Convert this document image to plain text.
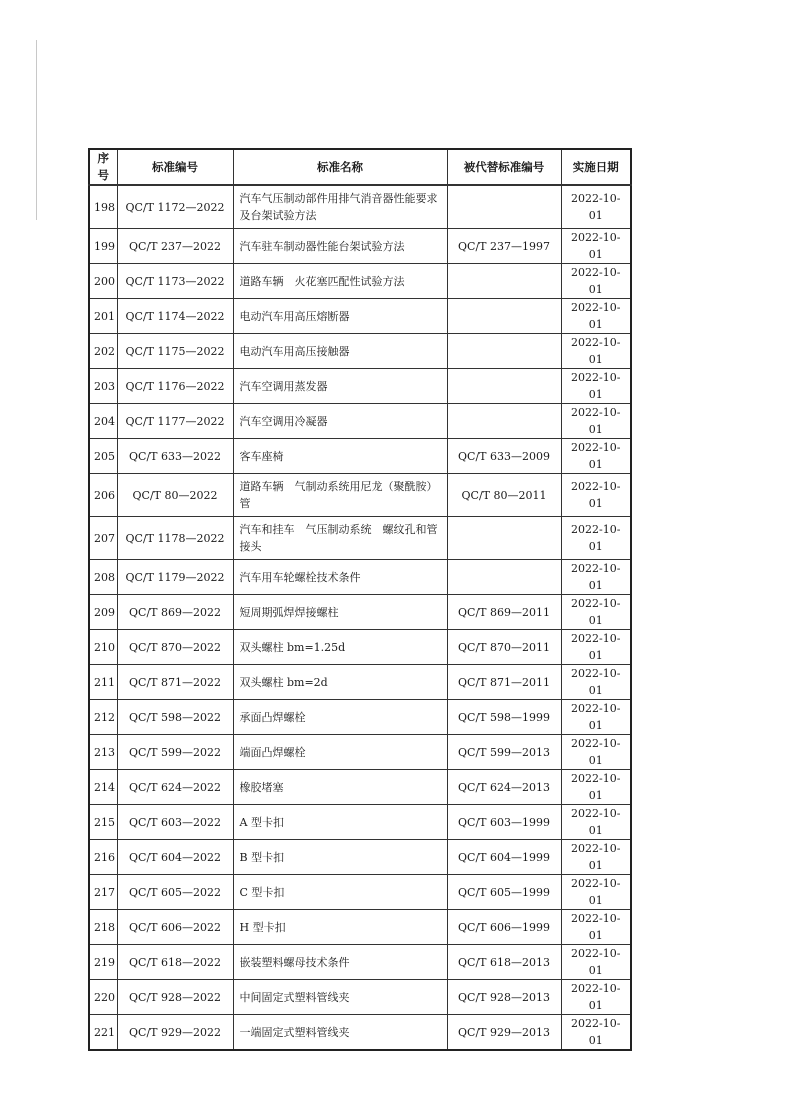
序号	标准编号	标准名称	被代替标准编号	实施日期
198	QC/T 1172—2022	汽车气压制动部件用排气消音器性能要求及台架试验方法		2022-10-01
199	QC/T 237—2022	汽车驻车制动器性能台架试验方法	QC/T 237—1997	2022-10-01
200	QC/T 1173—2022	道路车辆　火花塞匹配性试验方法		2022-10-01
201	QC/T 1174—2022	电动汽车用高压熔断器		2022-10-01
202	QC/T 1175—2022	电动汽车用高压接触器		2022-10-01
203	QC/T 1176—2022	汽车空调用蒸发器		2022-10-01
204	QC/T 1177—2022	汽车空调用冷凝器		2022-10-01
205	QC/T 633—2022	客车座椅	QC/T 633—2009	2022-10-01
206	QC/T 80—2022	道路车辆　气制动系统用尼龙（聚酰胺）管	QC/T 80—2011	2022-10-01
207	QC/T 1178—2022	汽车和挂车　气压制动系统　螺纹孔和管接头		2022-10-01
208	QC/T 1179—2022	汽车用车轮螺栓技术条件		2022-10-01
209	QC/T 869—2022	短周期弧焊焊接螺柱	QC/T 869—2011	2022-10-01
210	QC/T 870—2022	双头螺柱 bm=1.25d	QC/T 870—2011	2022-10-01
211	QC/T 871—2022	双头螺柱 bm=2d	QC/T 871—2011	2022-10-01
212	QC/T 598—2022	承面凸焊螺栓	QC/T 598—1999	2022-10-01
213	QC/T 599—2022	端面凸焊螺栓	QC/T 599—2013	2022-10-01
214	QC/T 624—2022	橡胶堵塞	QC/T 624—2013	2022-10-01
215	QC/T 603—2022	A 型卡扣	QC/T 603—1999	2022-10-01
216	QC/T 604—2022	B 型卡扣	QC/T 604—1999	2022-10-01
217	QC/T 605—2022	C 型卡扣	QC/T 605—1999	2022-10-01
218	QC/T 606—2022	H 型卡扣	QC/T 606—1999	2022-10-01
219	QC/T 618—2022	嵌装塑料螺母技术条件	QC/T 618—2013	2022-10-01
220	QC/T 928—2022	中间固定式塑料管线夹	QC/T 928—2013	2022-10-01
221	QC/T 929—2022	一端固定式塑料管线夹	QC/T 929—2013	2022-10-01
